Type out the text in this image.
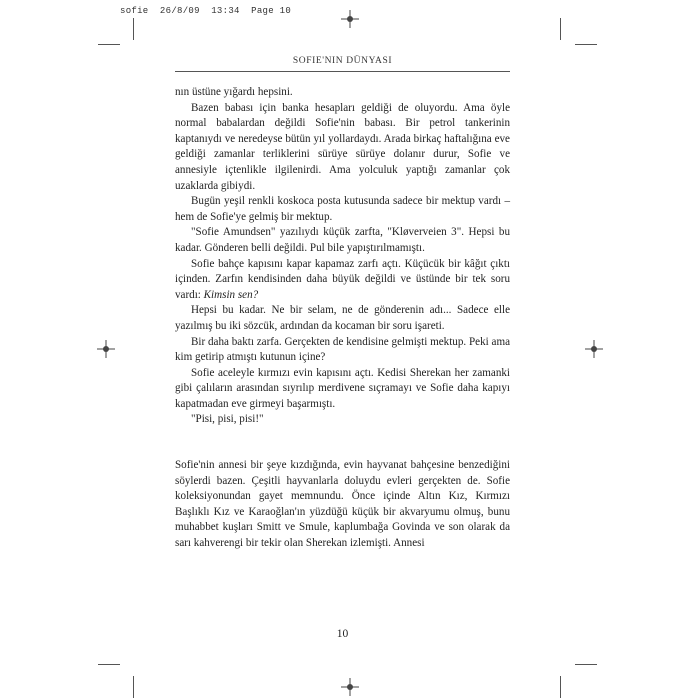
sofie 26/8/09 13:34 Page 10
SOFIE'NIN DÜNYASI

nın üstüne yığardı hepsini.

Bazen babası için banka hesapları geldiği de oluyordu. Ama öyle normal babalardan değildi Sofie'nin babası. Bir petrol tankerinin kaptanıydı ve neredeyse bütün yıl yollardaydı. Arada birkaç haftalığına eve geldiği zamanlar terliklerini sürüye sürüye dolanır durur, Sofie ve annesiyle içtenlikle ilgilenirdi. Ama yolculuk yaptığı zamanlar çok uzaklarda gibiydi.

Bugün yeşil renkli koskoca posta kutusunda sadece bir mektup vardı –hem de Sofie'ye gelmiş bir mektup.

"Sofie Amundsen" yazılıydı küçük zarfta, "Kløverveien 3". Hepsi bu kadar. Gönderen belli değildi. Pul bile yapıştırılmamıştı.

Sofie bahçe kapısını kapar kapamaz zarfı açtı. Küçücük bir kâğıt çıktı içinden. Zarfın kendisinden daha büyük değildi ve üstünde bir tek soru vardı: Kimsin sen?

Hepsi bu kadar. Ne bir selam, ne de gönderenin adı... Sadece elle yazılmış bu iki sözcük, ardından da kocaman bir soru işareti.

Bir daha baktı zarfa. Gerçekten de kendisine gelmişti mektup. Peki ama kim getirip atmıştı kutunun içine?

Sofie aceleyle kırmızı evin kapısını açtı. Kedisi Sherekan her zamanki gibi çalıların arasından sıyrılıp merdivene sıçramayı ve Sofie daha kapıyı kapatmadan eve girmeyi başarmıştı.

"Pisi, pisi, pisi!"

Sofie'nin annesi bir şeye kızdığında, evin hayvanat bahçesine benzediğini söylerdi bazen. Çeşitli hayvanlarla doluydu evleri gerçekten de. Sofie koleksiyonundan gayet memnundu. Önce içinde Altın Kız, Kırmızı Başlıklı Kız ve Karaoğlan'ın yüzdüğü küçük bir akvaryumu olmuş, bunu muhabbet kuşları Smitt ve Smule, kaplumbağa Govinda ve son olarak da sarı kahverengi bir tekir olan Sherekan izlemişti. Annesi

10
